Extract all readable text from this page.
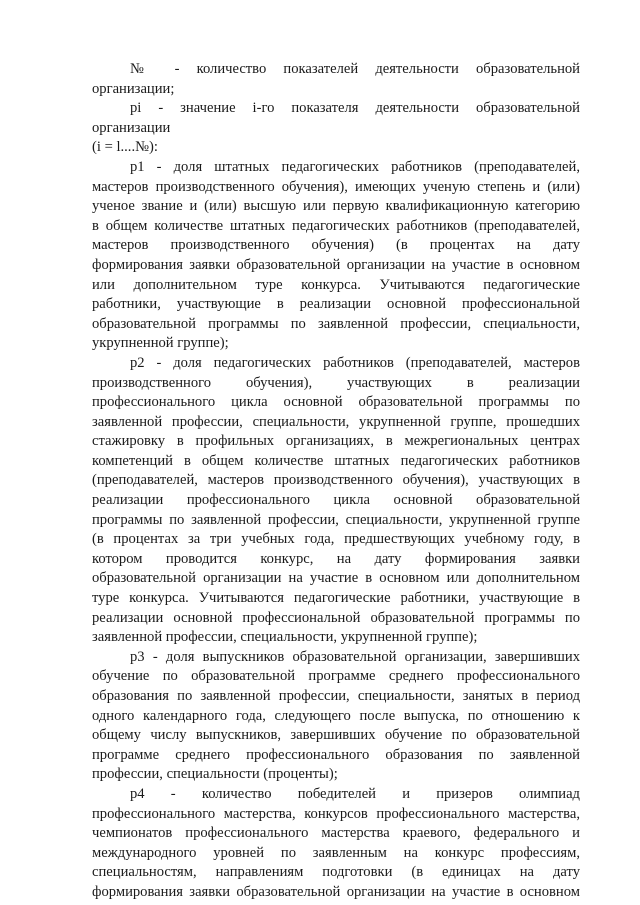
№ - количество показателей деятельности образовательной
организации;
pi - значение i-го показателя деятельности образовательной
организации
(i = l....№):
p1 - доля штатных педагогических работников (преподавателей,
мастеров производственного обучения), имеющих ученую степень и (или)
ученое звание и (или) высшую или первую квалификационную категорию
в общем количестве штатных педагогических работников (преподавателей,
мастеров производственного обучения) (в процентах на дату
формирования заявки образовательной организации на участие в основном
или дополнительном туре конкурса. Учитываются педагогические
работники, участвующие в реализации основной профессиональной
образовательной программы по заявленной профессии, специальности,
укрупненной группе);
p2 - доля педагогических работников (преподавателей, мастеров
производственного обучения), участвующих в реализации
профессионального цикла основной образовательной программы по
заявленной профессии, специальности, укрупненной группе, прошедших
стажировку в профильных организациях, в межрегиональных центрах
компетенций в общем количестве штатных педагогических работников
(преподавателей, мастеров производственного обучения), участвующих в
реализации профессионального цикла основной образовательной
программы по заявленной профессии, специальности, укрупненной группе
(в процентах за три учебных года, предшествующих учебному году, в
котором проводится конкурс, на дату формирования заявки
образовательной организации на участие в основном или дополнительном
туре конкурса. Учитываются педагогические работники, участвующие в
реализации основной профессиональной образовательной программы по
заявленной профессии, специальности, укрупненной группе);
p3 - доля выпускников образовательной организации, завершивших
обучение по образовательной программе среднего профессионального
образования по заявленной профессии, специальности, занятых в период
одного календарного года, следующего после выпуска, по отношению к
общему числу выпускников, завершивших обучение по образовательной
программе среднего профессионального образования по заявленной
профессии, специальности (проценты);
p4 - количество победителей и призеров олимпиад
профессионального мастерства, конкурсов профессионального мастерства,
чемпионатов профессионального мастерства краевого, федерального и
международного уровней по заявленным на конкурс профессиям,
специальностям, направлениям подготовки (в единицах на дату
формирования заявки образовательной организации на участие в основном
